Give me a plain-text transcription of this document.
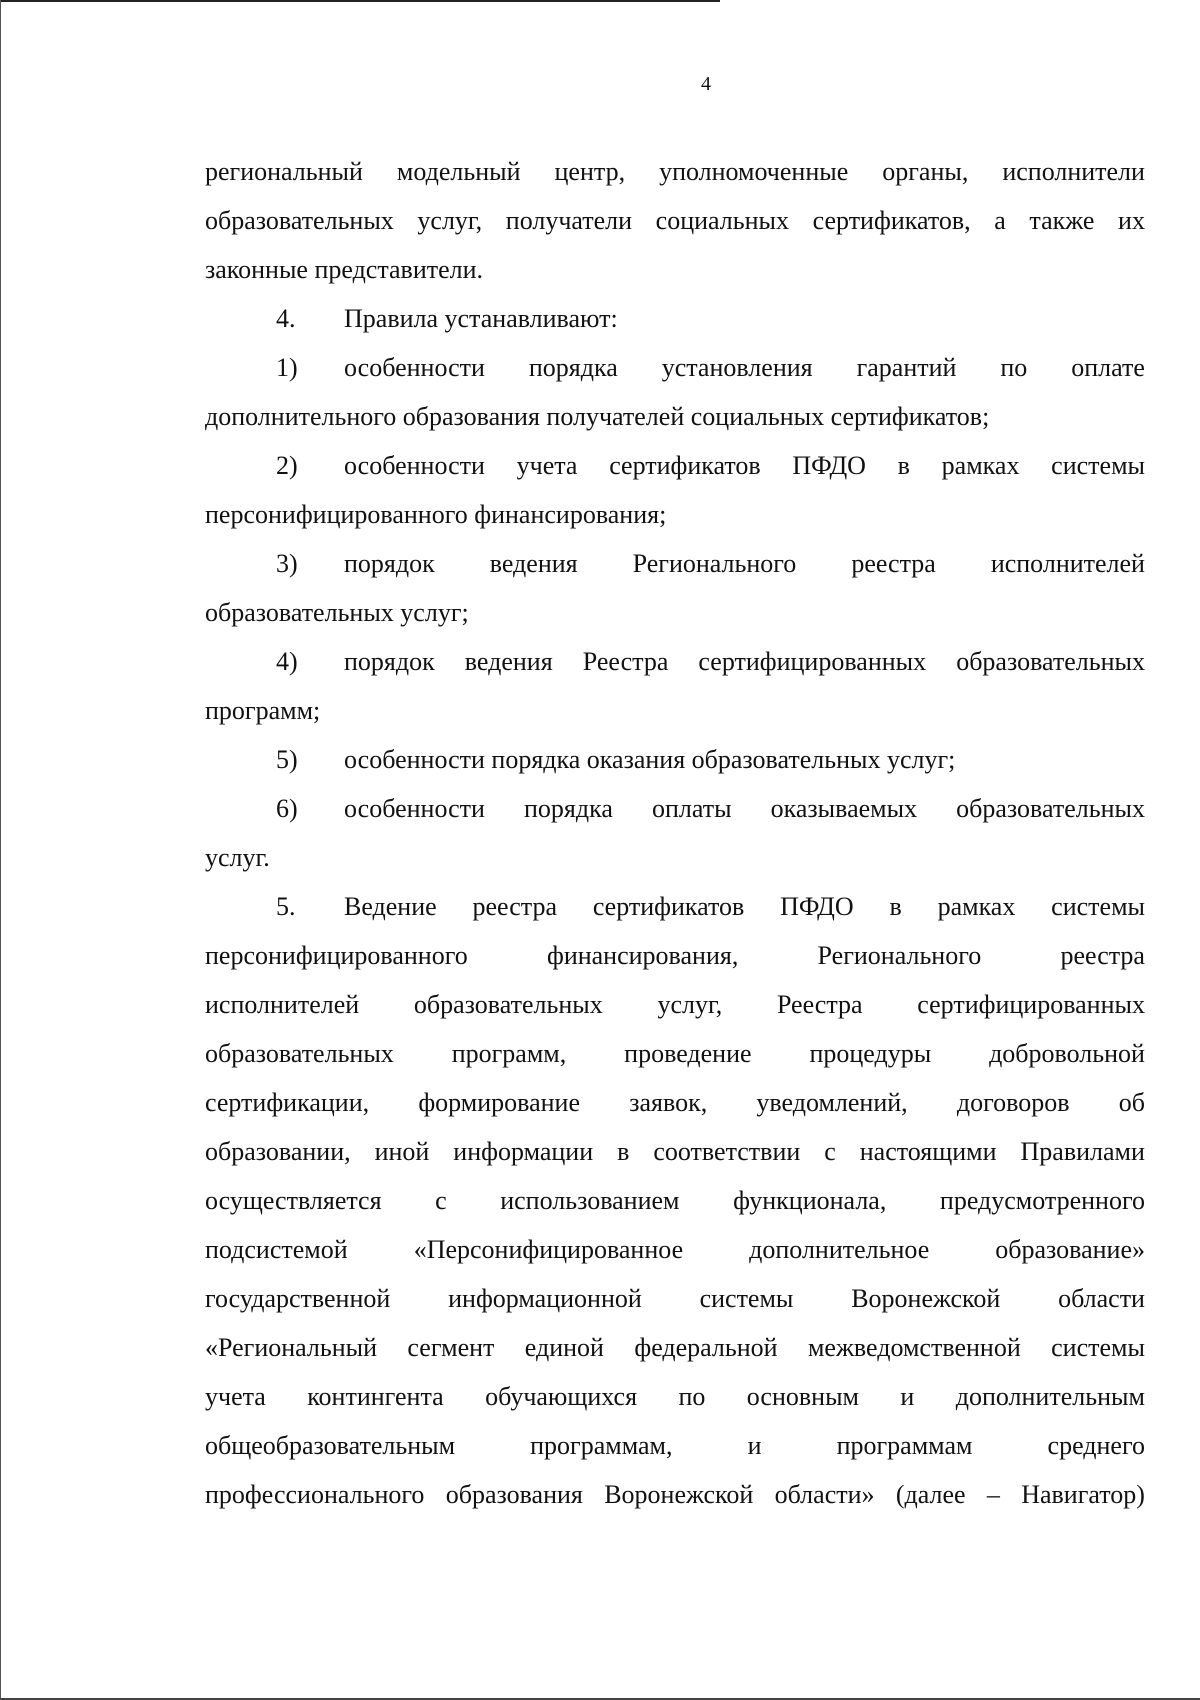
4
региональный модельный центр, уполномоченные органы, исполнители
образовательных услуг, получатели социальных сертификатов, а также их
законные представители.
4. Правила устанавливают:
1)	особенности порядка установления гарантий по оплате
дополнительного образования получателей социальных сертификатов;
2)	особенности учета сертификатов ПФДО в рамках системы
персонифицированного финансирования;
3)	порядок ведения Регионального реестра исполнителей
образовательных услуг;
4)	порядок ведения Реестра сертифицированных образовательных
программ;
5) особенности порядка оказания образовательных услуг;
6)	особенности порядка оплаты оказываемых образовательных
услуг.
5.	Ведение реестра сертификатов ПФДО в рамках системы
персонифицированного	финансирования,	Регионального	реестра
исполнителей образовательных услуг, Реестра сертифицированных
образовательных программ, проведение процедуры добровольной
сертификации, формирование заявок, уведомлений, договоров об
образовании, иной информации в соответствии с настоящими Правилами
осуществляется с использованием функционала, предусмотренного
подсистемой	«Персонифицированное	дополнительное	образование»
государственной информационной системы Воронежской области
«Региональный сегмент единой федеральной межведомственной системы
учета контингента обучающихся по основным и дополнительным
общеобразовательным	программам,	и	программам	среднего
профессионального образования Воронежской области» (далее – Навигатор)
